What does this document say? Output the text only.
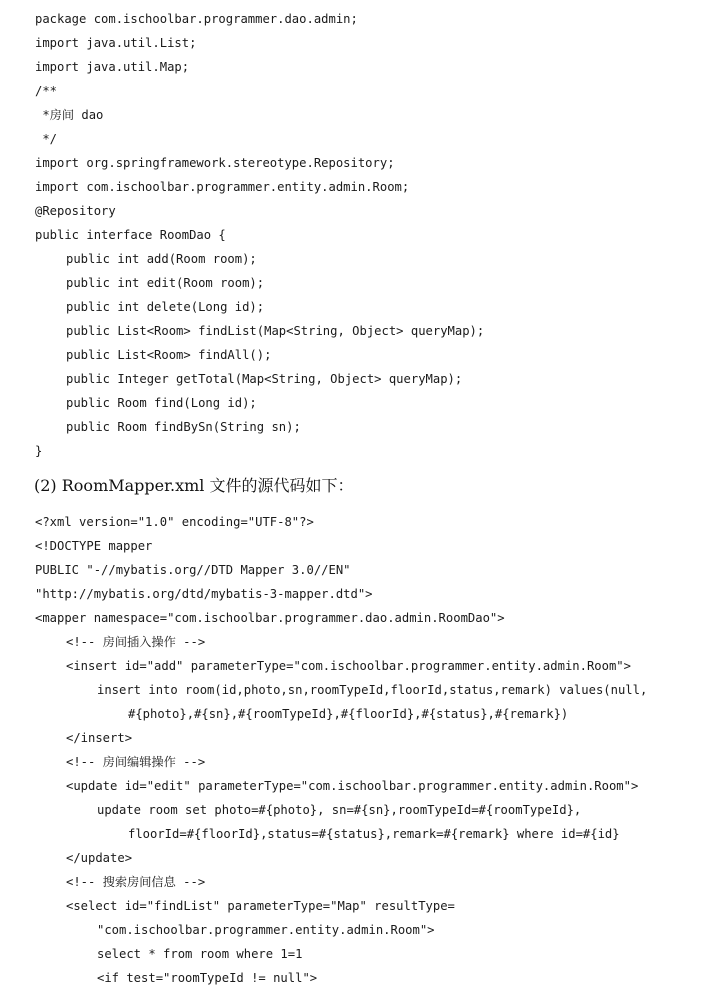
package com.ischoolbar.programmer.dao.admin;
import java.util.List;
import java.util.Map;
/**
*房间 dao
*/
import org.springframework.stereotype.Repository;
import com.ischoolbar.programmer.entity.admin.Room;
@Repository
public interface RoomDao {
public int add(Room room);
public int edit(Room room);
public int delete(Long id);
public List<Room> findList(Map<String, Object> queryMap);
public List<Room> findAll();
public Integer getTotal(Map<String, Object> queryMap);
public Room find(Long id);
public Room findBySn(String sn);
}
(2) RoomMapper.xml 文件的源代码如下：
<?xml version="1.0" encoding="UTF-8"?>
<!DOCTYPE mapper
PUBLIC "-//mybatis.org//DTD Mapper 3.0//EN"
"http://mybatis.org/dtd/mybatis-3-mapper.dtd">
<mapper namespace="com.ischoolbar.programmer.dao.admin.RoomDao">
<!-- 房间插入操作 -->
<insert id="add" parameterType="com.ischoolbar.programmer.entity.admin.Room">
insert into room(id,photo,sn,roomTypeId,floorId,status,remark) values(null,
#{photo},#{sn},#{roomTypeId},#{floorId},#{status},#{remark})
</insert>
<!-- 房间编辑操作 -->
<update id="edit" parameterType="com.ischoolbar.programmer.entity.admin.Room">
update room set photo=#{photo}, sn=#{sn},roomTypeId=#{roomTypeId},
floorId=#{floorId},status=#{status},remark=#{remark} where id=#{id}
</update>
<!-- 搜索房间信息 -->
<select id="findList" parameterType="Map" resultType=
"com.ischoolbar.programmer.entity.admin.Room">
select * from room where 1=1
<if test="roomTypeId != null">
